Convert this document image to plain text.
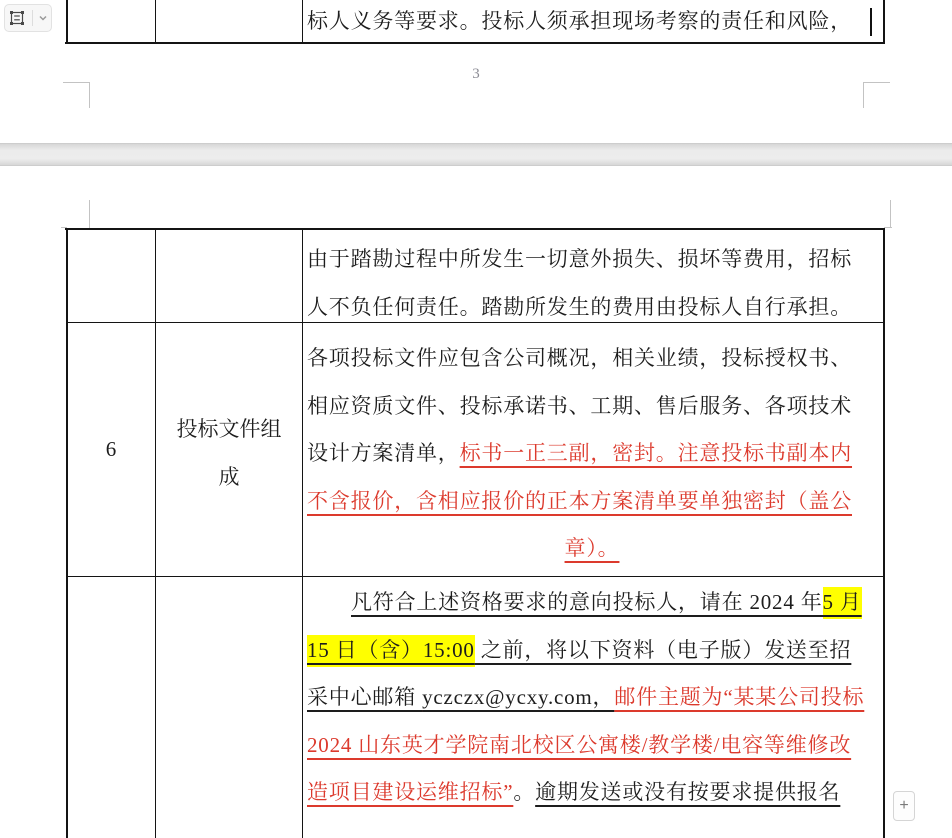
标人义务等要求。投标人须承担现场考察的责任和风险，
3
由于踏勘过程中所发生一切意外损失、损坏等费用，招标
人不负任何责任。踏勘所发生的费用由投标人自行承担。
6
投标文件组
成
各项投标文件应包含公司概况，相关业绩，投标授权书、
相应资质文件、投标承诺书、工期、售后服务、各项技术
设计方案清单，标书一正三副，密封。注意投标书副本内
不含报价，含相应报价的正本方案清单要单独密封（盖公
章）。
凡符合上述资格要求的意向投标人，请在 2024 年5 月
15 日（含）15:00 之前，将以下资料（电子版）发送至招
采中心邮箱 yczczx@ycxy.com，邮件主题为“某某公司投标
2024 山东英才学院南北校区公寓楼/教学楼/电容等维修改
造项目建设运维招标”。逾期发送或没有按要求提供报名
+
